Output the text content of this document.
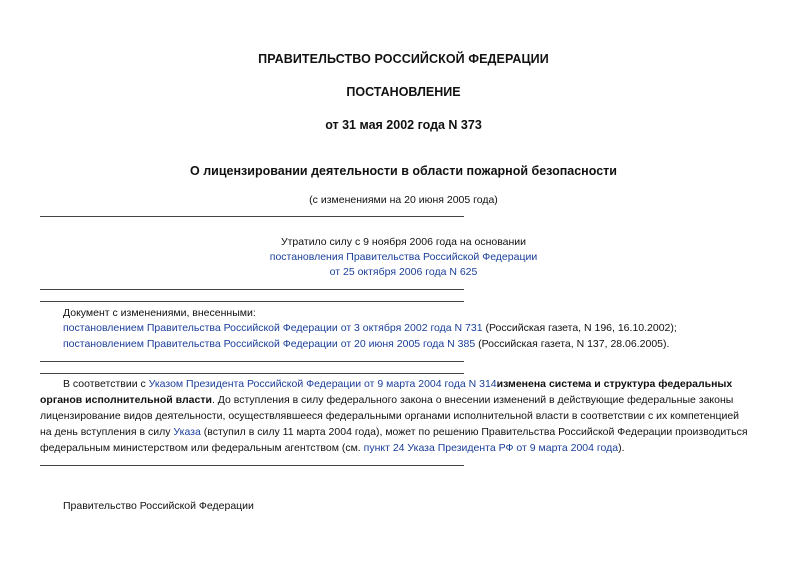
ПРАВИТЕЛЬСТВО РОССИЙСКОЙ ФЕДЕРАЦИИ
ПОСТАНОВЛЕНИЕ
от 31 мая 2002 года N 373
О лицензировании деятельности в области пожарной безопасности
(с изменениями на 20 июня 2005 года)
Утратило силу с 9 ноября 2006 года на основании
постановления Правительства Российской Федерации
от 25 октября 2006 года N 625
Документ с изменениями, внесенными:
постановлением Правительства Российской Федерации от 3 октября 2002 года N 731 (Российская газета, N 196, 16.10.2002);
постановлением Правительства Российской Федерации от 20 июня 2005 года N 385 (Российская газета, N 137, 28.06.2005).
В соответствии с Указом Президента Российской Федерации от 9 марта 2004 года N 314изменена система и структура федеральных
органов исполнительной власти. До вступления в силу федерального закона о внесении изменений в действующие федеральные законы
лицензирование видов деятельности, осуществлявшееся федеральными органами исполнительной власти в соответствии с их компетенцией
на день вступления в силу Указа (вступил в силу 11 марта 2004 года), может по решению Правительства Российской Федерации производиться
федеральным министерством или федеральным агентством (см. пункт 24 Указа Президента РФ от 9 марта 2004 года).
Правительство Российской Федерации
